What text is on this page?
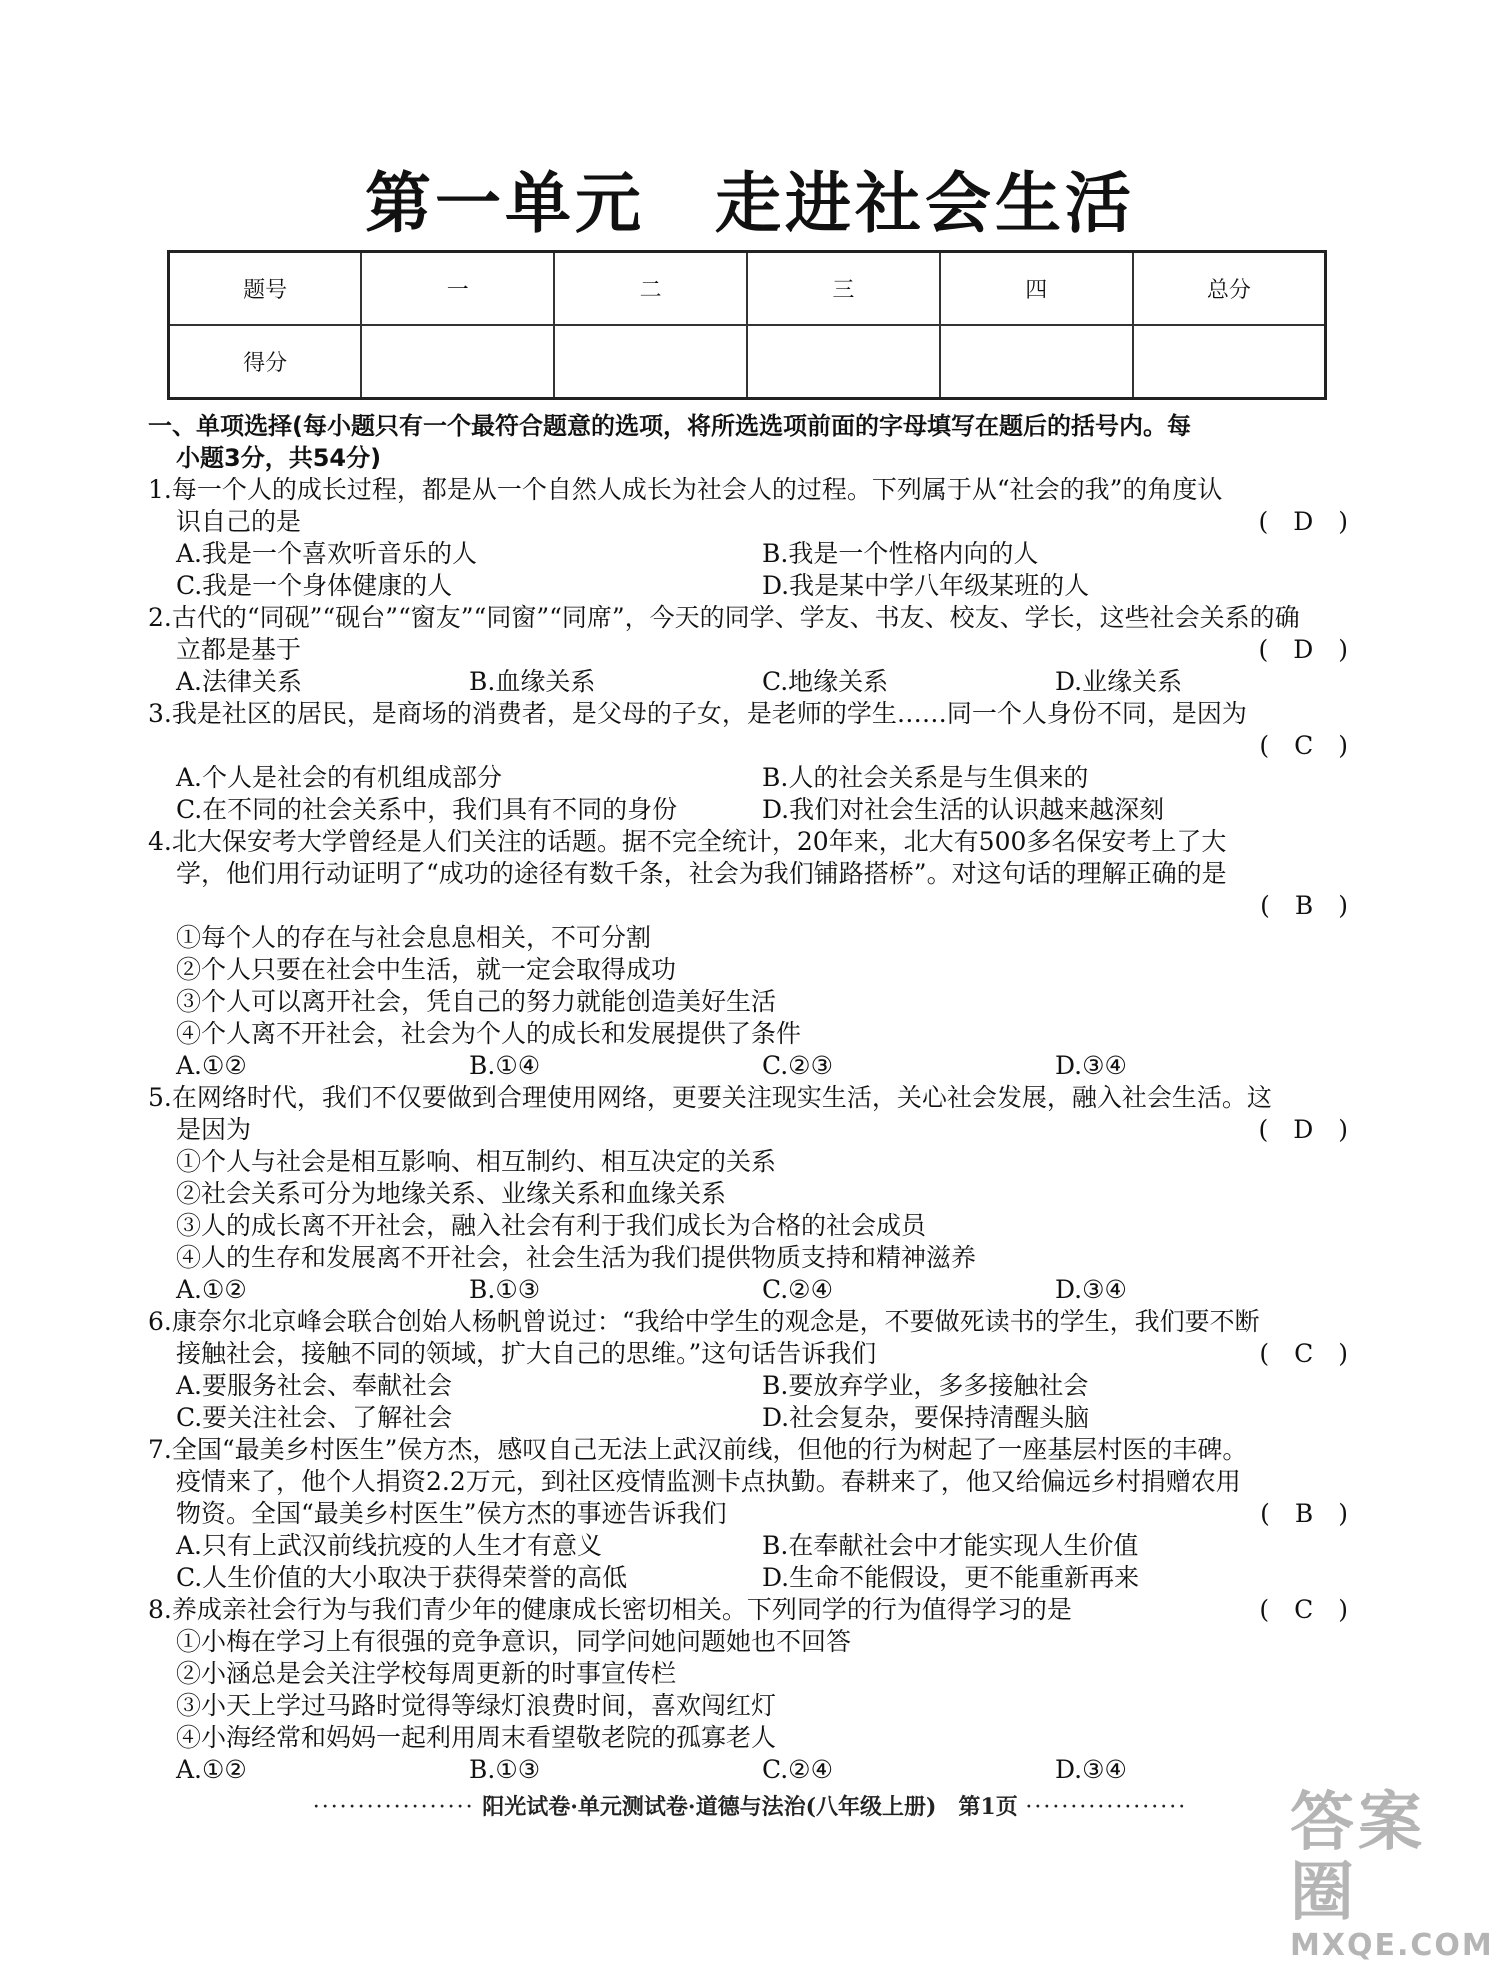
第一单元　走进社会生活
题号	一	二	三	四	总分
得分					
一、单项选择(每小题只有一个最符合题意的选项，将所选选项前面的字母填写在题后的括号内。每
小题3分，共54分)
1.每一个人的成长过程，都是从一个自然人成长为社会人的过程。下列属于从“社会的我”的角度认
识自己的是	(　D　)
A.我是一个喜欢听音乐的人	B.我是一个性格内向的人
C.我是一个身体健康的人	D.我是某中学八年级某班的人
2.古代的“同砚”“砚台”“窗友”“同窗”“同席”，今天的同学、学友、书友、校友、学长，这些社会关系的确
立都是基于	(　D　)
A.法律关系	B.血缘关系	C.地缘关系	D.业缘关系
3.我是社区的居民，是商场的消费者，是父母的子女，是老师的学生……同一个人身份不同，是因为
(　C　)
A.个人是社会的有机组成部分	B.人的社会关系是与生俱来的
C.在不同的社会关系中，我们具有不同的身份	D.我们对社会生活的认识越来越深刻
4.北大保安考大学曾经是人们关注的话题。据不完全统计，20年来，北大有500多名保安考上了大
学，他们用行动证明了“成功的途径有数千条，社会为我们铺路搭桥”。对这句话的理解正确的是
(　B　)
①每个人的存在与社会息息相关，不可分割
②个人只要在社会中生活，就一定会取得成功
③个人可以离开社会，凭自己的努力就能创造美好生活
④个人离不开社会，社会为个人的成长和发展提供了条件
A.①②	B.①④	C.②③	D.③④
5.在网络时代，我们不仅要做到合理使用网络，更要关注现实生活，关心社会发展，融入社会生活。这
是因为	(　D　)
①个人与社会是相互影响、相互制约、相互决定的关系
②社会关系可分为地缘关系、业缘关系和血缘关系
③人的成长离不开社会，融入社会有利于我们成长为合格的社会成员
④人的生存和发展离不开社会，社会生活为我们提供物质支持和精神滋养
A.①②	B.①③	C.②④	D.③④
6.康奈尔北京峰会联合创始人杨帆曾说过：“我给中学生的观念是，不要做死读书的学生，我们要不断
接触社会，接触不同的领域，扩大自己的思维。”这句话告诉我们	(　C　)
A.要服务社会、奉献社会	B.要放弃学业，多多接触社会
C.要关注社会、了解社会	D.社会复杂，要保持清醒头脑
7.全国“最美乡村医生”侯方杰，感叹自己无法上武汉前线，但他的行为树起了一座基层村医的丰碑。
疫情来了，他个人捐资2.2万元，到社区疫情监测卡点执勤。春耕来了，他又给偏远乡村捐赠农用
物资。全国“最美乡村医生”侯方杰的事迹告诉我们	(　B　)
A.只有上武汉前线抗疫的人生才有意义	B.在奉献社会中才能实现人生价值
C.人生价值的大小取决于获得荣誉的高低	D.生命不能假设，更不能重新再来
8.养成亲社会行为与我们青少年的健康成长密切相关。下列同学的行为值得学习的是	(　C　)
①小梅在学习上有很强的竞争意识，同学问她问题她也不回答
②小涵总是会关注学校每周更新的时事宣传栏
③小天上学过马路时觉得等绿灯浪费时间，喜欢闯红灯
④小海经常和妈妈一起利用周末看望敬老院的孤寡老人
A.①②	B.①③	C.②④	D.③④
·················· 阳光试卷·单元测试卷·道德与法治(八年级上册)　第1页 ··················	答案圈
MXQE.COM
